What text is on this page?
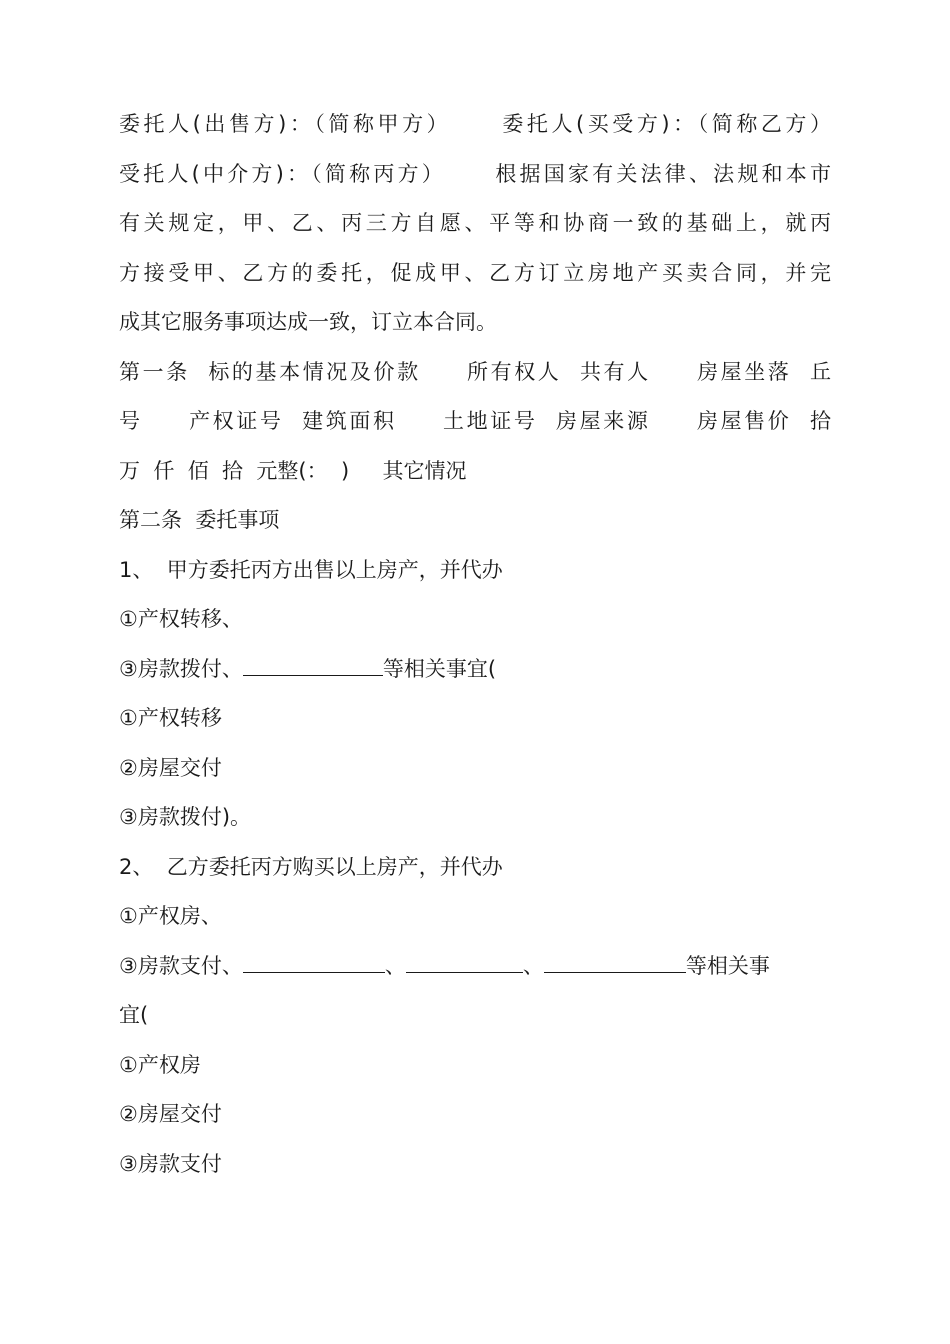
委托人(出售方)：（简称甲方）     委托人(买受方)：（简称乙方）
受托人(中介方)：（简称丙方）     根据国家有关法律、法规和本市
有关规定，甲、乙、丙三方自愿、平等和协商一致的基础上，就丙
方接受甲、乙方的委托，促成甲、乙方订立房地产买卖合同，并完
成其它服务事项达成一致，订立本合同。
第一条  标的基本情况及价款     所有权人  共有人     房屋坐落  丘
号     产权证号  建筑面积     土地证号  房屋来源     房屋售价  拾
万  仟  佰  拾  元整(：  )     其它情况
第二条  委托事项
1、  甲方委托丙方出售以上房产，并代办
①产权转移、
③房款拨付、	等相关事宜(
①产权转移
②房屋交付
③房款拨付)。
2、  乙方委托丙方购买以上房产，并代办
①产权房、
③房款支付、	、	、	等相关事
宜(
①产权房
②房屋交付
③房款支付
